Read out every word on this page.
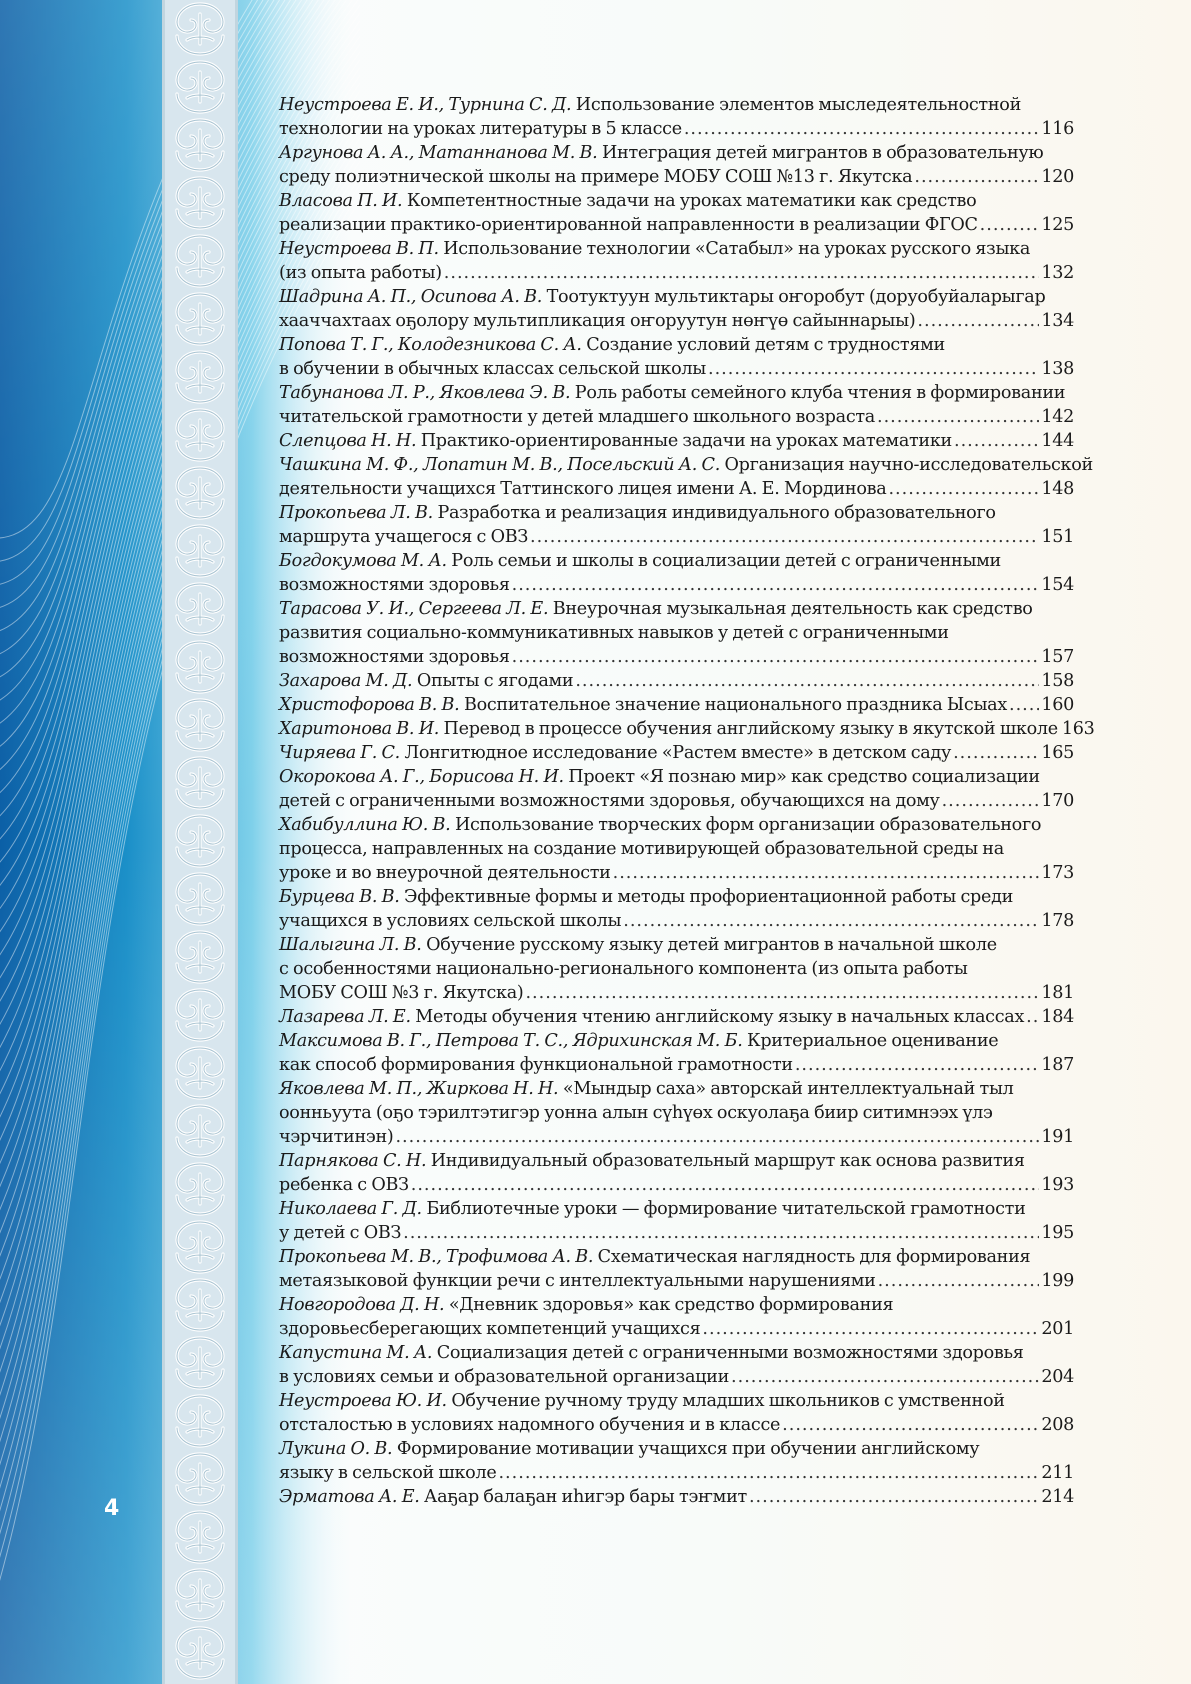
4
Неустроева Е. И., Турнина С. Д. Использование элементов мыследеятельностной
технологии на уроках литературы в 5 классе .....	116
Аргунова А. А., Матаннанова М. В. Интеграция детей мигрантов в образовательную
среду полиэтнической школы на примере МОБУ СОШ №13 г. Якутска .....	120
Власова П. И. Компетентностные задачи на уроках математики как средство
реализации практико-ориентированной направленности в реализации ФГОС .....	125
Неустроева В. П. Использование технологии «Сатабыл» на уроках русского языка
(из опыта работы) .....	132
Шадрина А. П., Осипова А. В. Тоотуктуун мультиктары оҥоробут (доруобуйаларыгар
хааччахтаах оҕолору мультипликация оҥоруутун нөҥүө сайыннарыы) .....	134
Попова Т. Г., Колодезникова С. А. Создание условий детям с трудностями
в обучении в обычных классах сельской школы .....	138
Табунанова Л. Р., Яковлева Э. В. Роль работы семейного клуба чтения в формировании
читательской грамотности у детей младшего школьного возраста .....	142
Слепцова Н. Н. Практико-ориентированные задачи на уроках математики .....	144
Чашкина М. Ф., Лопатин М. В., Посельский А. С. Организация научно-исследовательской
деятельности учащихся Таттинского лицея имени А. Е. Мординова .....	148
Прокопьева Л. В. Разработка и реализация индивидуального образовательного
маршрута учащегося с ОВЗ .....	151
Богдокумова М. А. Роль семьи и школы в социализации детей с ограниченными
возможностями здоровья .....	154
Тарасова У. И., Сергеева Л. Е. Внеурочная музыкальная деятельность как средство
развития социально-коммуникативных навыков у детей с ограниченными
возможностями здоровья .....	157
Захарова М. Д. Опыты с ягодами .....	158
Христофорова В. В. Воспитательное значение национального праздника Ысыах ..... 160
Харитонова В. И. Перевод в процессе обучения английскому языку в якутской школе 163
Чиряева Г. С. Лонгитюдное исследование «Растем вместе» в детском саду .....	165
Окорокова А. Г., Борисова Н. И. Проект «Я познаю мир» как средство социализации
детей с ограниченными возможностями здоровья, обучающихся на дому .....	170
Хабибуллина Ю. В. Использование творческих форм организации образовательного
процесса, направленных на создание мотивирующей образовательной среды на
уроке и во внеурочной деятельности .....	173
Бурцева В. В. Эффективные формы и методы профориентационной работы среди
учащихся в условиях сельской школы .....	178
Шалыгина Л. В. Обучение русскому языку детей мигрантов в начальной школе
с особенностями национально-регионального компонента (из опыта работы
МОБУ СОШ №3 г. Якутска) .....	181
Лазарева Л. Е. Методы обучения чтению английскому языку в начальных классах ..... 184
Максимова В. Г., Петрова Т. С., Ядрихинская М. Б. Критериальное оценивание
как способ формирования функциональной грамотности .....	187
Яковлева М. П., Жиркова Н. Н. «Мындыр саха» авторскай интеллектуальнай тыл
оонньуута (оҕо тэрилтэтигэр уонна алын сүһүөх оскуолаҕа биир ситимнээх үлэ
чэрчитинэн) .....	191
Парнякова С. Н. Индивидуальный образовательный маршрут как основа развития
ребенка с ОВЗ .....	193
Николаева Г. Д. Библиотечные уроки — формирование читательской грамотности
у детей с ОВЗ .....	195
Прокопьева М. В., Трофимова А. В. Схематическая наглядность для формирования
метаязыковой функции речи с интеллектуальными нарушениями .....	199
Новгородова Д. Н. «Дневник здоровья» как средство формирования
здоровьесберегающих компетенций учащихся .....	201
Капустина М. А. Социализация детей с ограниченными возможностями здоровья
в условиях семьи и образовательной организации .....	204
Неустроева Ю. И. Обучение ручному труду младших школьников с умственной
отсталостью в условиях надомного обучения и в классе .....	208
Лукина О. В. Формирование мотивации учащихся при обучении английскому
языку в сельской школе .....	211
Эрматова А. Е. Ааҕар балаҕан иһигэр бары тэҥмит .....	214
